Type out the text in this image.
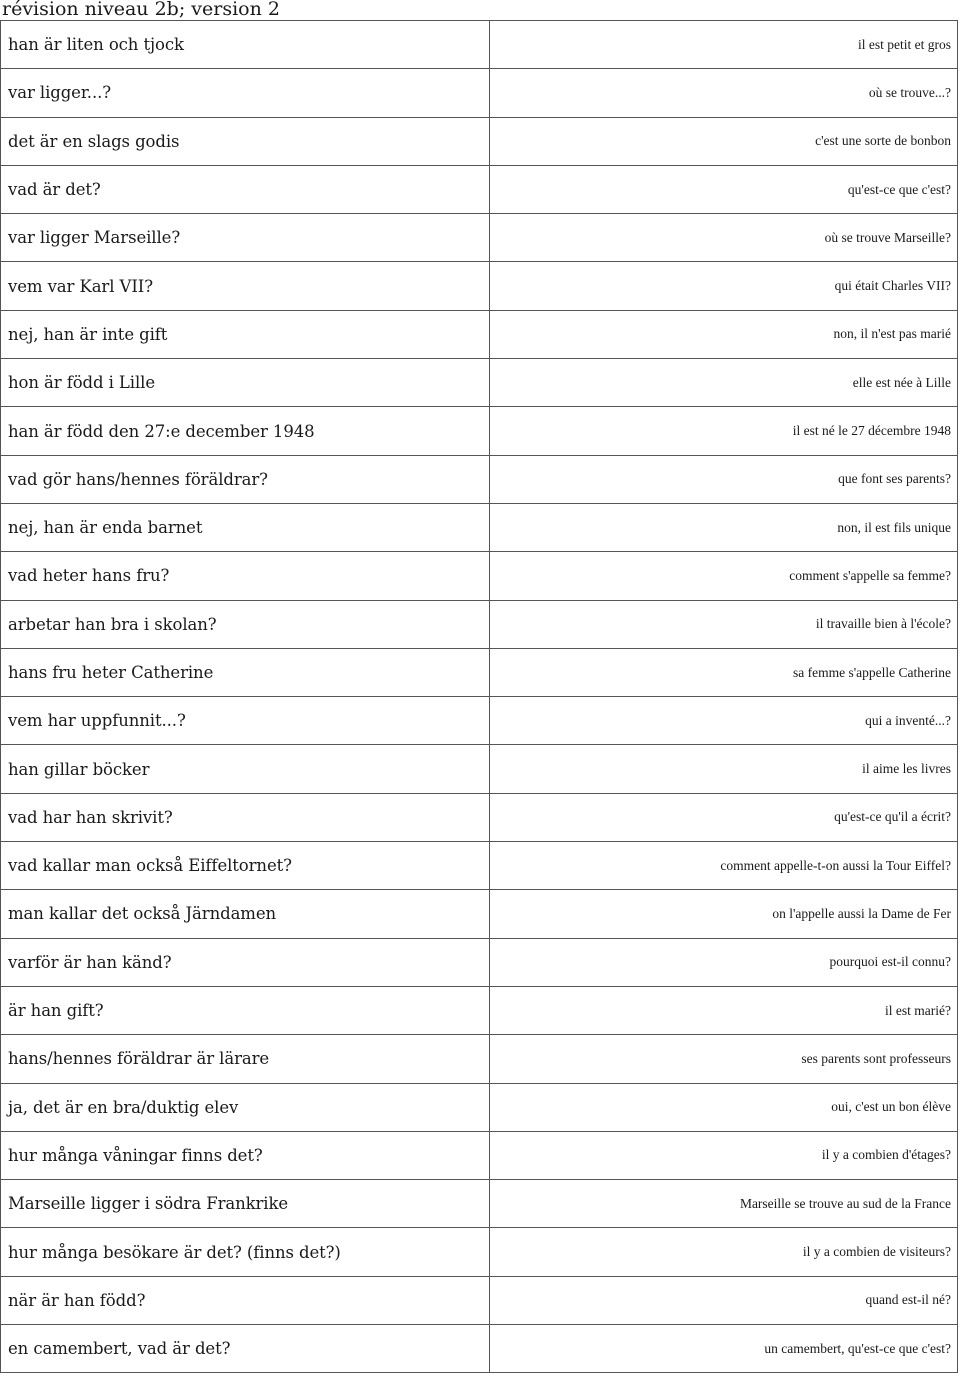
révision niveau 2b; version 2
han är liten och tjock	il est petit et gros
var ligger...?	où se trouve...?
det är en slags godis	c'est une sorte de bonbon
vad är det?	qu'est-ce que c'est?
var ligger Marseille?	où se trouve Marseille?
vem var Karl VII?	qui était Charles VII?
nej, han är inte gift	non, il n'est pas marié
hon är född i Lille	elle est née à Lille
han är född den 27:e december 1948	il est né le 27 décembre 1948
vad gör hans/hennes föräldrar?	que font ses parents?
nej, han är enda barnet	non, il est fils unique
vad heter hans fru?	comment s'appelle sa femme?
arbetar han bra i skolan?	il travaille bien à l'école?
hans fru heter Catherine	sa femme s'appelle Catherine
vem har uppfunnit...?	qui a inventé...?
han gillar böcker	il aime les livres
vad har han skrivit?	qu'est-ce qu'il a écrit?
vad kallar man också Eiffeltornet?	comment appelle-t-on aussi la Tour Eiffel?
man kallar det också Järndamen	on l'appelle aussi la Dame de Fer
varför är han känd?	pourquoi est-il connu?
är han gift?	il est marié?
hans/hennes föräldrar är lärare	ses parents sont professeurs
ja, det är en bra/duktig elev	oui, c'est un bon élève
hur många våningar finns det?	il y a combien d'étages?
Marseille ligger i södra Frankrike	Marseille se trouve au sud de la France
hur många besökare är det? (finns det?)	il y a combien de visiteurs?
när är han född?	quand est-il né?
en camembert, vad är det?	un camembert, qu'est-ce que c'est?
